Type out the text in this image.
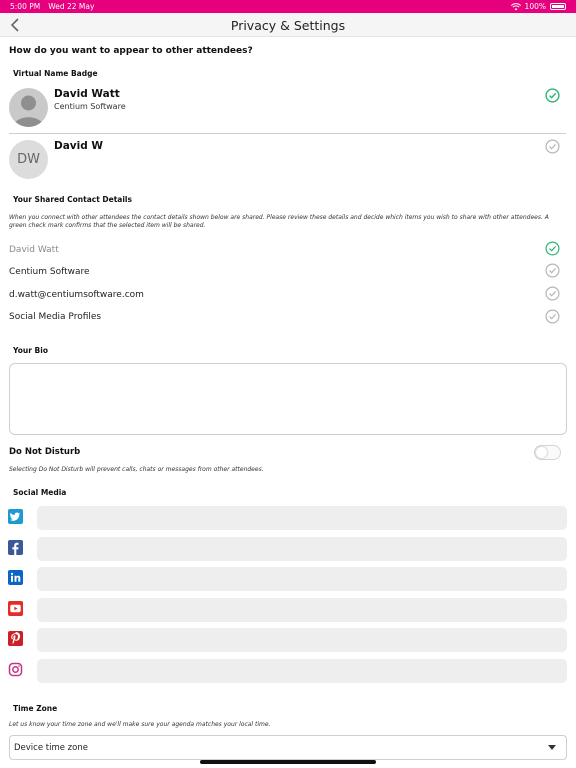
5:00 PM Wed 22 May	100%
Privacy & Settings
How do you want to appear to other attendees?
Virtual Name Badge
David Watt
Centium Software
DW
David W
Your Shared Contact Details
When you connect with other attendees the contact details shown below are shared. Please review these details and decide which items you wish to share with other attendees. A green check mark confirms that the selected item will be shared.
David Watt
Centium Software
d.watt@centiumsoftware.com
Social Media Profiles
Your Bio
Do Not Disturb
Selecting Do Not Disturb will prevent calls, chats or messages from other attendees.
Social Media
Time Zone
Let us know your time zone and we'll make sure your agenda matches your local time.
Device time zone
